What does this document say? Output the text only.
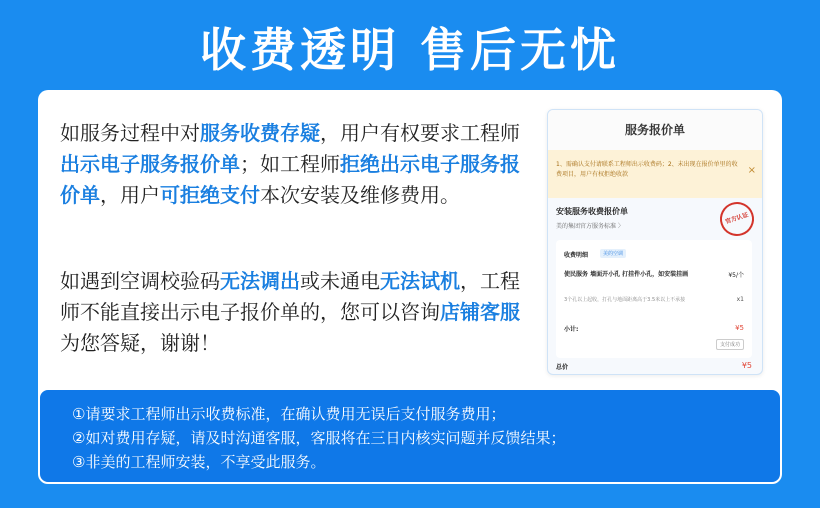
收费透明 售后无忧
如服务过程中对服务收费存疑，用户有权要求工程师出示电子服务报价单；如工程师拒绝出示电子服务报价单，用户可拒绝支付本次安装及维修费用。
如遇到空调校验码无法调出或未通电无法试机，工程师不能直接出示电子报价单的，您可以咨询店铺客服为您答疑，谢谢！
服务报价单
1、需确认支付请联系工程师出示收费码；2、未出现在报价单里的收费项目，用户有权拒绝收款	×
安装服务收费报价单
美的集团官方服务标准 〉
官方认证
收费明细	美的空调
使民服务 墙面开小孔 打挂件小孔，如安装挂画	¥5/个
3个孔以上起收，打孔与地面距离高于3.5米以上不承接	x1
小计:	¥5
支付成功
总价	¥5
①请要求工程师出示收费标准，在确认费用无误后支付服务费用；
②如对费用存疑，请及时沟通客服，客服将在三日内核实问题并反馈结果；
③非美的工程师安装，不享受此服务。
